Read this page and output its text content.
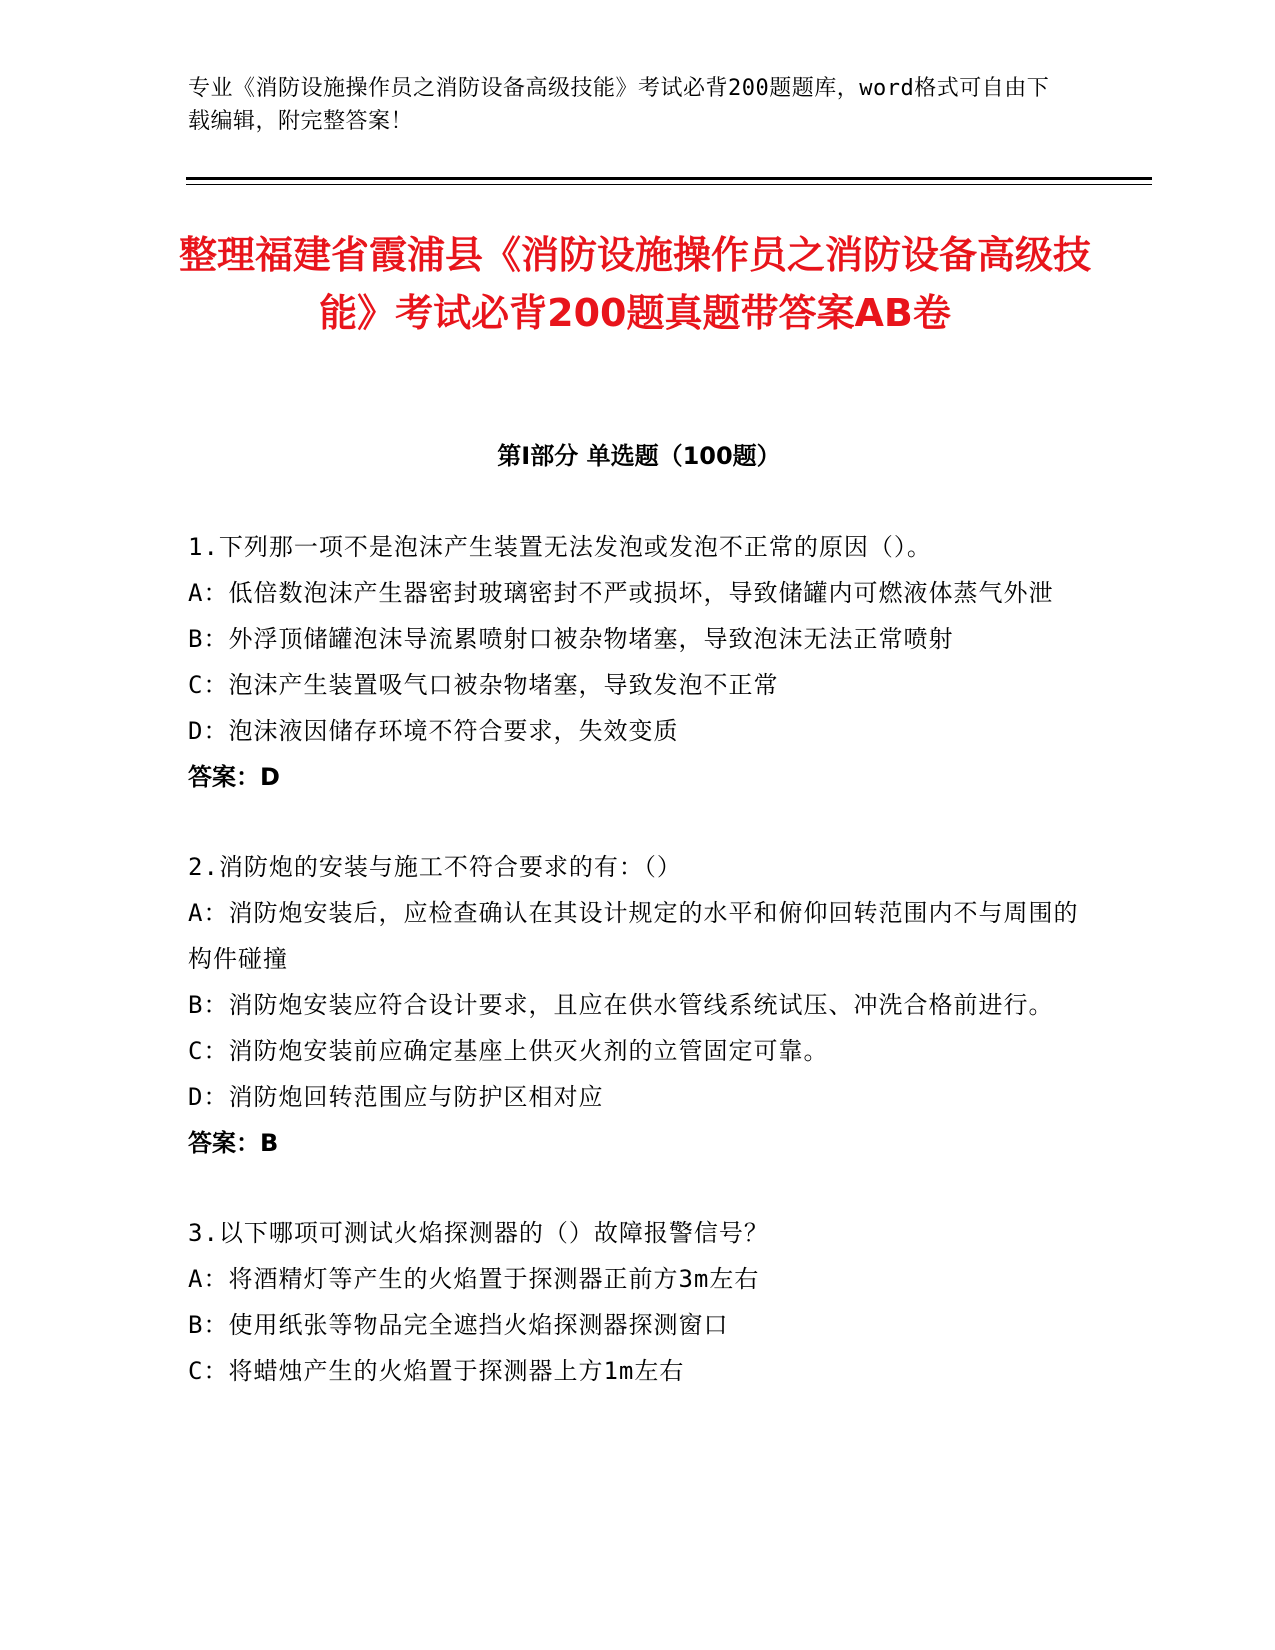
专业《消防设施操作员之消防设备高级技能》考试必背200题题库，word格式可自由下载编辑，附完整答案！
整理福建省霞浦县《消防设施操作员之消防设备高级技能》考试必背200题真题带答案AB卷
第I部分 单选题（100题）

1.下列那一项不是泡沫产生装置无法发泡或发泡不正常的原因（）。

A：低倍数泡沫产生器密封玻璃密封不严或损坏，导致储罐内可燃液体蒸气外泄

B：外浮顶储罐泡沫导流累喷射口被杂物堵塞，导致泡沫无法正常喷射

C：泡沫产生装置吸气口被杂物堵塞，导致发泡不正常

D：泡沫液因储存环境不符合要求，失效变质

答案：D

2.消防炮的安装与施工不符合要求的有：（）

A：消防炮安装后，应检查确认在其设计规定的水平和俯仰回转范围内不与周围的构件碰撞

B：消防炮安装应符合设计要求，且应在供水管线系统试压、冲洗合格前进行。

C：消防炮安装前应确定基座上供灭火剂的立管固定可靠。

D：消防炮回转范围应与防护区相对应

答案：B

3.以下哪项可测试火焰探测器的（）故障报警信号？

A：将酒精灯等产生的火焰置于探测器正前方3m左右

B：使用纸张等物品完全遮挡火焰探测器探测窗口

C：将蜡烛产生的火焰置于探测器上方1m左右
